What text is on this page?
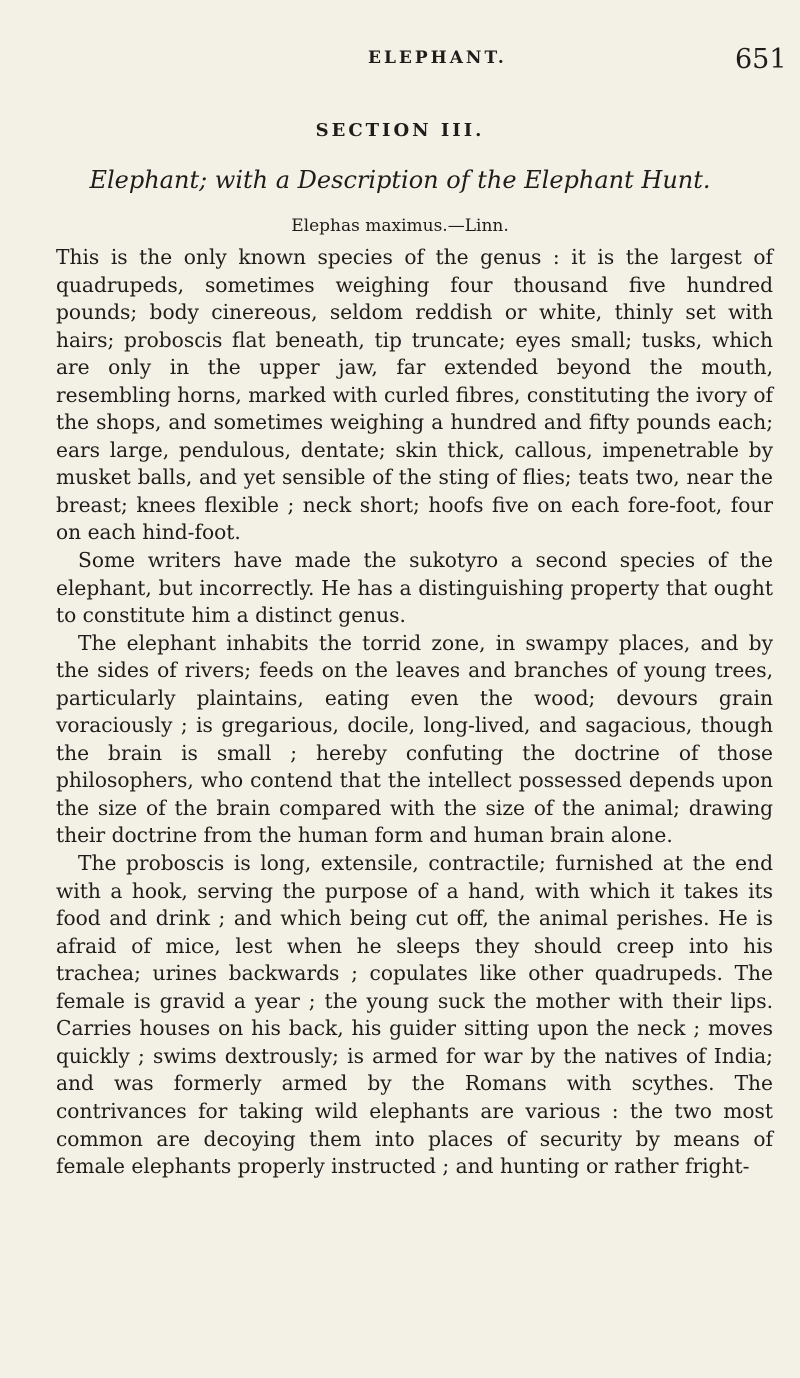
ELEPHANT.	651
SECTION III.
Elephant; with a Description of the Elephant Hunt.
Elephas maximus.—Linn.

This is the only known species of the genus : it is the largest of quadrupeds, sometimes weighing four thousand five hundred pounds; body cinereous, seldom reddish or white, thinly set with hairs; proboscis flat beneath, tip truncate; eyes small; tusks, which are only in the upper jaw, far extended beyond the mouth, resembling horns, marked with curled fibres, constituting the ivory of the shops, and sometimes weighing a hundred and fifty pounds each; ears large, pendulous, dentate; skin thick, callous, impenetrable by musket balls, and yet sensible of the sting of flies; teats two, near the breast; knees flexible ; neck short; hoofs five on each fore-foot, four on each hind-foot.

Some writers have made the sukotyro a second species of the elephant, but incorrectly. He has a distinguishing property that ought to constitute him a distinct genus.

The elephant inhabits the torrid zone, in swampy places, and by the sides of rivers; feeds on the leaves and branches of young trees, particularly plaintains, eating even the wood; devours grain voraciously ; is gregarious, docile, long-lived, and sagacious, though the brain is small ; hereby confuting the doctrine of those philosophers, who contend that the intellect possessed depends upon the size of the brain compared with the size of the animal; drawing their doctrine from the human form and human brain alone.

The proboscis is long, extensile, contractile; furnished at the end with a hook, serving the purpose of a hand, with which it takes its food and drink ; and which being cut off, the animal perishes. He is afraid of mice, lest when he sleeps they should creep into his trachea; urines backwards ; copulates like other quadrupeds. The female is gravid a year ; the young suck the mother with their lips. Carries houses on his back, his guider sitting upon the neck ; moves quickly ; swims dextrously; is armed for war by the natives of India; and was formerly armed by the Romans with scythes. The contrivances for taking wild elephants are various : the two most common are decoying them into places of security by means of female elephants properly instructed ; and hunting or rather fright-
